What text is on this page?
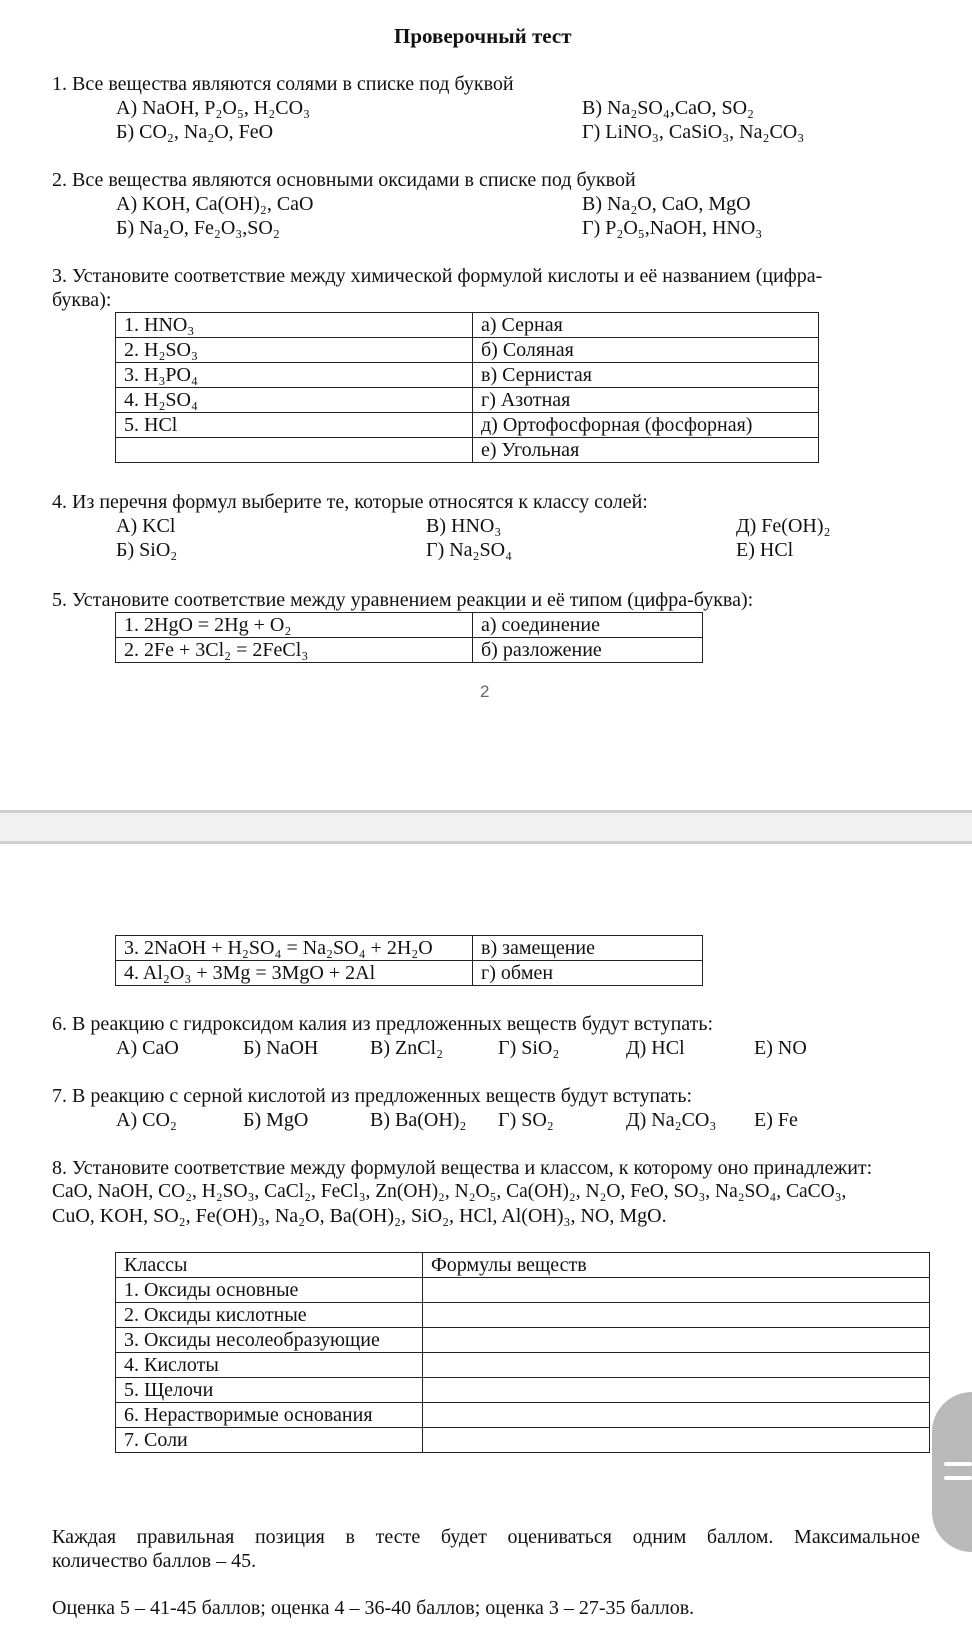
Проверочный тест
1. Все вещества являются солями в списке под буквой
А) NaOH, P₂O₅, H₂CO₃
Б) CO₂, Na₂O, FeO
В) Na₂SO₄,CaO, SO₂
Г) LiNO₃, CaSiO₃, Na₂CO₃
2. Все вещества являются основными оксидами в списке под буквой
А) KOH, Ca(OH)₂, CaO
Б) Na₂O, Fe₂O₃,SO₂
В) Na₂O, CaO, MgO
Г) P₂O₅,NaOH, HNO₃
3. Установите соответствие между химической формулой кислоты и её названием (цифра-
буква):
1. HNO₃	а) Серная
2. H₂SO₃	б) Соляная
3. H₃PO₄	в) Сернистая
4. H₂SO₄	г) Азотная
5. HCl	д) Ортофосфорная (фосфорная)
	е) Угольная
4. Из перечня формул выберите те, которые относятся к классу солей:
А) KCl
Б) SiO₂
В) HNO₃
Г) Na₂SO₄
Д) Fe(OH)₂
Е) HCl
5. Установите соответствие между уравнением реакции и её типом (цифра-буква):
1. 2HgO = 2Hg + O₂	а) соединение
2. 2Fe + 3Cl₂ = 2FeCl₃	б) разложение
2
3. 2NaOH + H₂SO₄ = Na₂SO₄ + 2H₂O	в) замещение
4. Al₂O₃ + 3Mg = 3MgO + 2Al	г) обмен
6. В реакцию с гидроксидом калия из предложенных веществ будут вступать:
А) CaO	Б) NaOH	В) ZnCl₂	Г) SiO₂	Д) HCl	Е) NO
7. В реакцию с серной кислотой из предложенных веществ будут вступать:
А) CO₂	Б) MgO	В) Ba(OH)₂ Г) SO₂	Д) Na₂CO₃ Е) Fe
8. Установите соответствие между формулой вещества и классом, к которому оно принадлежит:
CaO, NaOH, CO₂, H₂SO₃, CaCl₂, FeCl₃, Zn(OH)₂, N₂O₅, Ca(OH)₂, N₂O, FeO, SO₃, Na₂SO₄, CaCO₃,
CuO, KOH, SO₂, Fe(OH)₃, Na₂O, Ba(OH)₂, SiO₂, HCl, Al(OH)₃, NO, MgO.
Классы	Формулы веществ
1. Оксиды основные	
2. Оксиды кислотные	
3. Оксиды несолеобразующие	
4. Кислоты	
5. Щелочи	
6. Нерастворимые основания	
7. Соли	
Каждая правильная позиция в тесте будет оцениваться одним баллом. Максимальное
количество баллов – 45.
Оценка 5 – 41-45 баллов; оценка 4 – 36-40 баллов; оценка 3 – 27-35 баллов.
